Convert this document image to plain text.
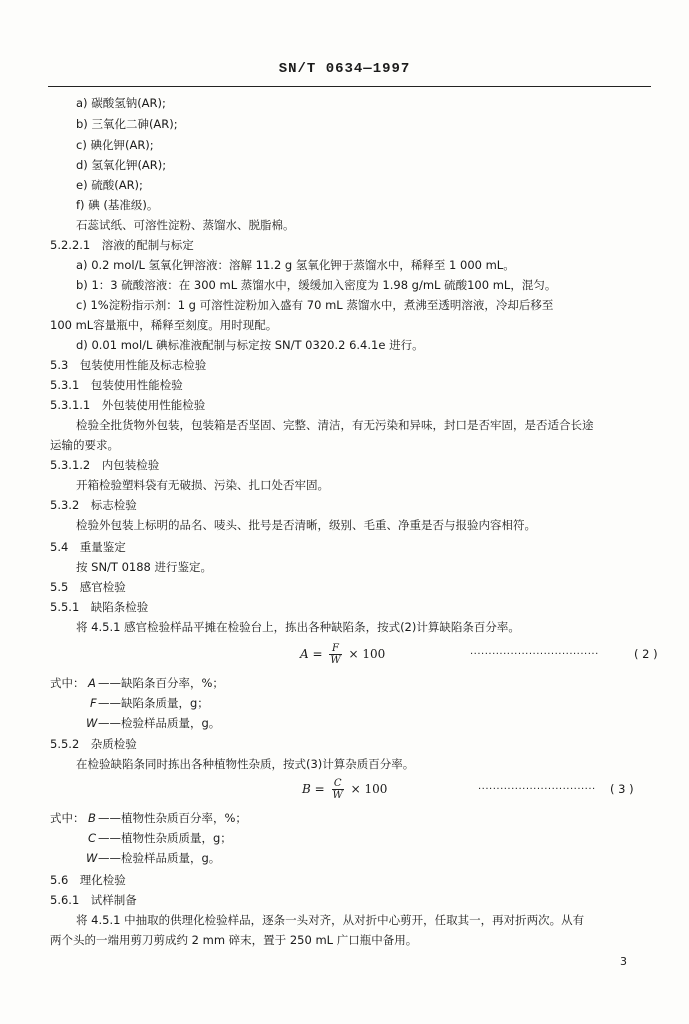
SN/T 0634—1997
a) 碳酸氢钠(AR);
b) 三氧化二砷(AR);
c) 碘化钾(AR);
d) 氢氧化钾(AR);
e) 硫酸(AR);
f) 碘 (基准级)。
石蕊试纸、可溶性淀粉、蒸馏水、脱脂棉。
5.2.2.1　溶液的配制与标定
a) 0.2 mol/L 氢氧化钾溶液：溶解 11.2 g 氢氧化钾于蒸馏水中，稀释至 1 000 mL。
b) 1：3 硫酸溶液：在 300 mL 蒸馏水中，缓缓加入密度为 1.98 g/mL 硫酸100 mL，混匀。
c) 1%淀粉指示剂：1 g 可溶性淀粉加入盛有 70 mL 蒸馏水中，煮沸至透明溶液，冷却后移至
100 mL容量瓶中，稀释至刻度。用时现配。
d) 0.01 mol/L 碘标准液配制与标定按 SN/T 0320.2 6.4.1e 进行。
5.3　包装使用性能及标志检验
5.3.1　包装使用性能检验
5.3.1.1　外包装使用性能检验
检验全批货物外包装，包装箱是否坚固、完整、清洁，有无污染和异味，封口是否牢固，是否适合长途
运输的要求。
5.3.1.2　内包装检验
开箱检验塑料袋有无破损、污染、扎口处否牢固。
5.3.2　标志检验
检验外包装上标明的品名、唛头、批号是否清晰，级别、毛重、净重是否与报验内容相符。
5.4　重量鉴定
按 SN/T 0188 进行鉴定。
5.5　感官检验
5.5.1　缺陷条检验
将 4.5.1 感官检验样品平摊在检验台上，拣出各种缺陷条，按式(2)计算缺陷条百分率。
$A = \frac{F}{W} \times 100$	···································	( 2 )
式中： A ——缺陷条百分率，%；
F ——缺陷条质量，g；
W ——检验样品质量，g。
5.5.2　杂质检验
在检验缺陷条同时拣出各种植物性杂质，按式(3)计算杂质百分率。
$B = \frac{C}{W} \times 100$	································ ( 3 )
式中： B ——植物性杂质百分率，%；
C ——植物性杂质质量，g；
W ——检验样品质量，g。
5.6　理化检验
5.6.1　试样制备
将 4.5.1 中抽取的供理化检验样品，逐条一头对齐，从对折中心剪开，任取其一，再对折两次。从有
两个头的一端用剪刀剪成约 2 mm 碎末，置于 250 mL 广口瓶中备用。
3
